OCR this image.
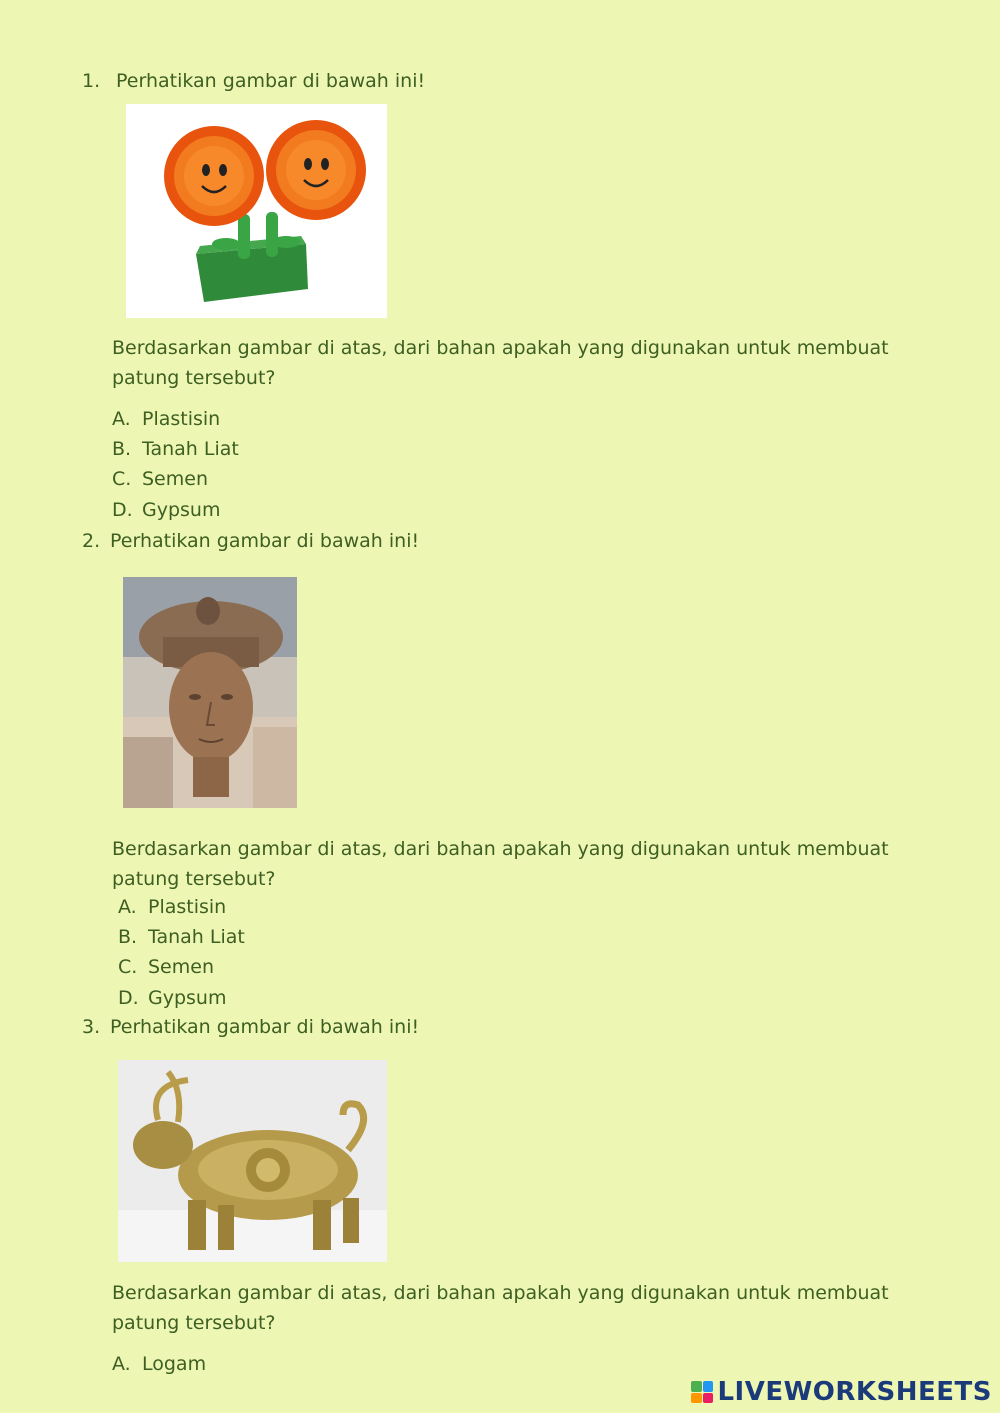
1. Perhatikan gambar di bawah ini!
Berdasarkan gambar di atas, dari bahan apakah yang digunakan untuk membuat patung tersebut?
A. Plastisin
B. Tanah Liat
C. Semen
D. Gypsum
2. Perhatikan gambar di bawah ini!
Berdasarkan gambar di atas, dari bahan apakah yang digunakan untuk membuat patung tersebut?
A. Plastisin
B. Tanah Liat
C. Semen
D. Gypsum
3. Perhatikan gambar di bawah ini!
Berdasarkan gambar di atas, dari bahan apakah yang digunakan untuk membuat patung tersebut?
A. Logam
LIVEWORKSHEETS
